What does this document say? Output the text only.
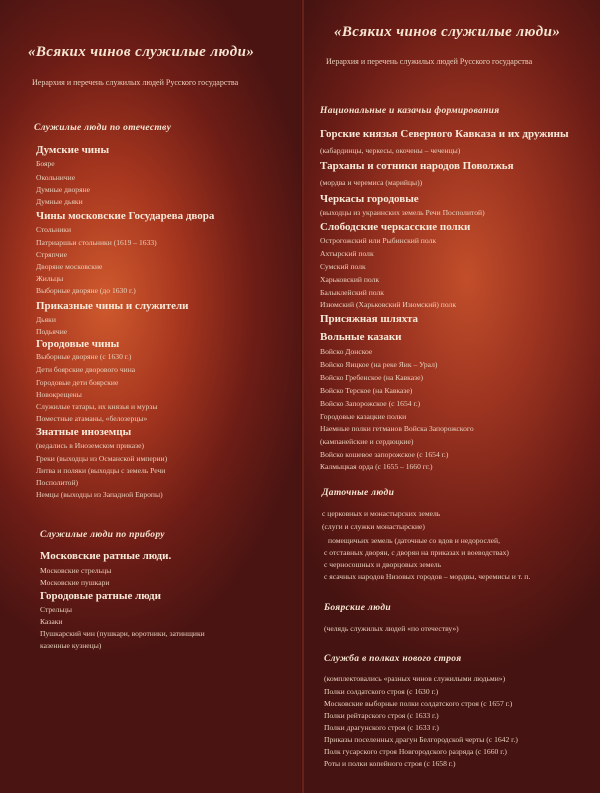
«Всяких чинов служилые люди»
Иерархия и перечень служилых людей Русского государства
Служилые люди по отечеству
Думские чины
Бояре
Окольничие
Думные дворяне
Думные дьяки
Чины московские Государева двора
Стольники
Патриаршьи стольники (1619 – 1633)
Стряпчие
Дворяне московские
Жильцы
Выборные дворяне (до 1630 г.)
Приказные чины и служители
Дьяки
Подьячие
Городовые чины
Выборные дворяне (с 1630 г.)
Дети боярские дворового чина
Городовые дети боярские
Новокрещены
Служилые татары, их князья и мурзы
Поместные атаманы, «белозерцы»
Знатные иноземцы
(ведались в Иноземском приказе)
Греки (выходцы из Османской империи)
Литва и поляки (выходцы с земель Речи
Посполитой)
Немцы (выходцы из Западной Европы)
Служилые люди по прибору
Московские ратные люди.
Московские стрельцы
Московские пушкари
Городовые ратные люди
Стрельцы
Казаки
Пушкарский чин (пушкари, воротники, затинщики
казенные кузнецы)
«Всяких чинов служилые люди»
Иерархия и перечень служилых людей Русского государства
Национальные и казачьи формирования
Горские князья Северного Кавказа и их дружины
(кабардинцы, черкесы, окочены – чеченцы)
Тарханы и сотники народов Поволжья
(мордва и черемиса (марийцы))
Черкасы городовые
(выходцы из украинских земель Речи Посполитой)
Слободские черкасские полки
Острогожский или Рыбинский полк
Ахтырский полк
Сумский полк
Харьковский полк
Балыклейский полк
Изюмский (Харьковский Изюмский) полк
Присяжная шляхта
Вольные казаки
Войско Донское
Войско Яицкое (на реке Яик – Урал)
Войско Гребенское (на Кавказе)
Войско Терское (на Кавказе)
Войско Запорожское (с 1654 г.)
Городовые казацкие полки
Наемные полки гетманов Войска Запорожского
(кампанейские и сердюцкие)
Войско кошевое запорожское (с 1654 г.)
Калмыцкая орда (с 1655 – 1660 гг.)
Даточные люди
с церковных и монастырских земель
(слуги и служки монастырские)
помещичьих земель (даточные со вдов и недорослей,
с отставных дворян, с дворян на приказах и воеводствах)
с черносошных и дворцовых земель
с ясачных народов Низовых городов – мордвы, черемисы и т. п.
Боярские люди
(челядь служилых людей «по отечеству»)
Служба в полках нового строя
(комплектовались «разных чинов служилыми людьми»)
Полки солдатского строя (с 1630 г.)
Московские выборные полки солдатского строя (с 1657 г.)
Полки рейтарского строя (с 1633 г.)
Полки драгунского строя (с 1633 г.)
Приказы поселенных драгун Белгородской черты (с 1642 г.)
Полк гусарского строя Новгородского разряда (с 1660 г.)
Роты и полки копейного строя (с 1658 г.)
